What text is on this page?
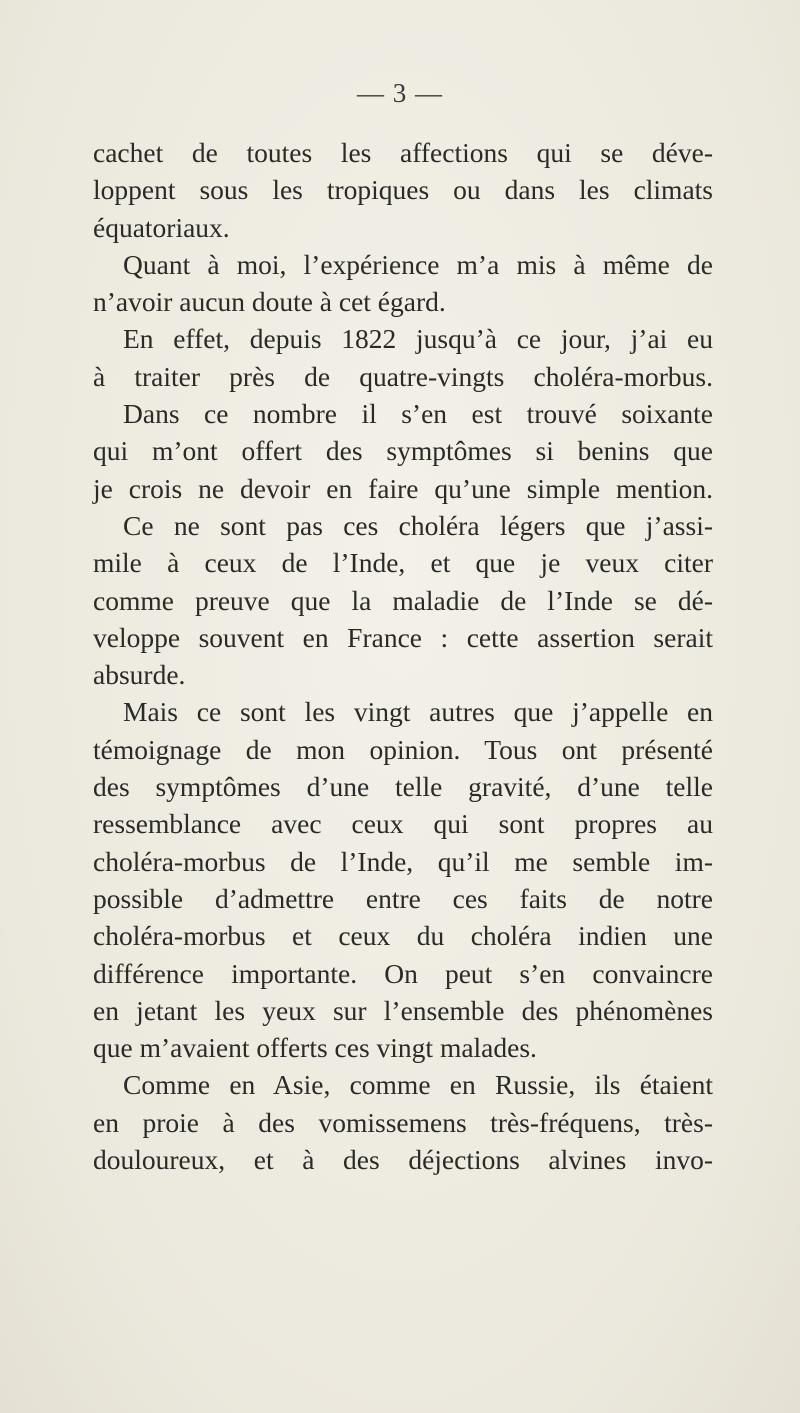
— 3 —
cachet de toutes les affections qui se déve-
loppent sous les tropiques ou dans les climats
équatoriaux.
Quant à moi, l’expérience m’a mis à même de
n’avoir aucun doute à cet égard.
En effet, depuis 1822 jusqu’à ce jour, j’ai eu
à traiter près de quatre-vingts choléra-morbus.
Dans ce nombre il s’en est trouvé soixante
qui m’ont offert des symptômes si benins que
je crois ne devoir en faire qu’une simple mention.
Ce ne sont pas ces choléra légers que j’assi-
mile à ceux de l’Inde, et que je veux citer
comme preuve que la maladie de l’Inde se dé-
veloppe souvent en France : cette assertion serait
absurde.
Mais ce sont les vingt autres que j’appelle en
témoignage de mon opinion. Tous ont présenté
des symptômes d’une telle gravité, d’une telle
ressemblance avec ceux qui sont propres au
choléra-morbus de l’Inde, qu’il me semble im-
possible d’admettre entre ces faits de notre
choléra-morbus et ceux du choléra indien une
différence importante. On peut s’en convaincre
en jetant les yeux sur l’ensemble des phénomènes
que m’avaient offerts ces vingt malades.
Comme en Asie, comme en Russie, ils étaient
en proie à des vomissemens très-fréquens, très-
douloureux, et à des déjections alvines invo-
